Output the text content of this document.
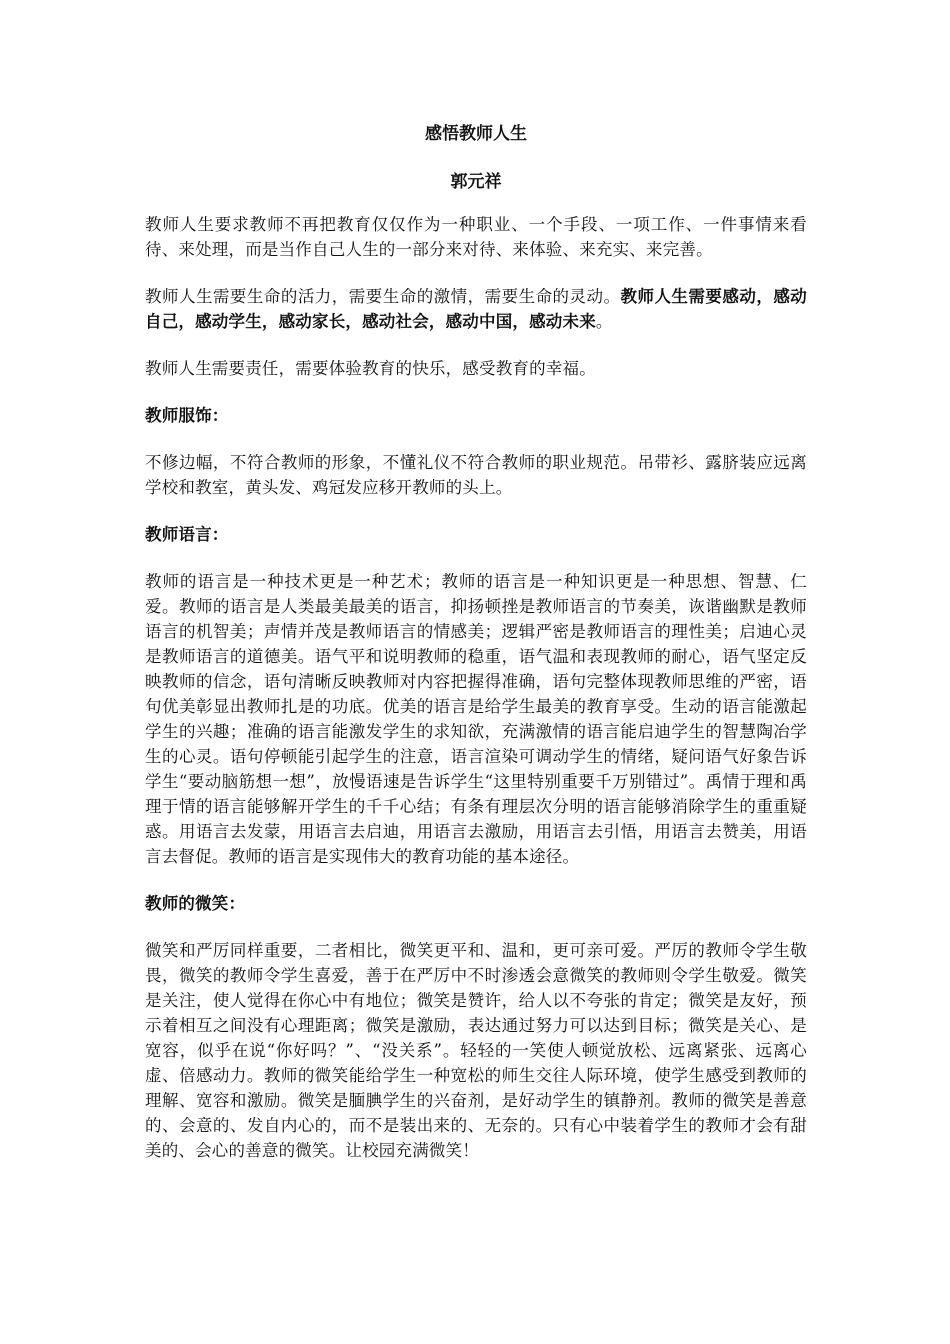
感悟教师人生
郭元祥

教师人生要求教师不再把教育仅仅作为一种职业、一个手段、一项工作、一件事情来看待、来处理，而是当作自己人生的一部分来对待、来体验、来充实、来完善。

教师人生需要生命的活力，需要生命的激情，需要生命的灵动。教师人生需要感动，感动自己，感动学生，感动家长，感动社会，感动中国，感动未来。

教师人生需要责任，需要体验教育的快乐，感受教育的幸福。

教师服饰：

不修边幅，不符合教师的形象，不懂礼仪不符合教师的职业规范。吊带衫、露脐装应远离学校和教室，黄头发、鸡冠发应移开教师的头上。

教师语言：

教师的语言是一种技术更是一种艺术；教师的语言是一种知识更是一种思想、智慧、仁爱。教师的语言是人类最美最美的语言，抑扬顿挫是教师语言的节奏美，诙谐幽默是教师语言的机智美；声情并茂是教师语言的情感美；逻辑严密是教师语言的理性美；启迪心灵是教师语言的道德美。语气平和说明教师的稳重，语气温和表现教师的耐心，语气坚定反映教师的信念，语句清晰反映教师对内容把握得准确，语句完整体现教师思维的严密，语句优美彰显出教师扎是的功底。优美的语言是给学生最美的教育享受。生动的语言能激起学生的兴趣；准确的语言能激发学生的求知欲，充满激情的语言能启迪学生的智慧陶冶学生的心灵。语句停顿能引起学生的注意，语言渲染可调动学生的情绪，疑问语气好象告诉学生“要动脑筋想一想”，放慢语速是告诉学生“这里特别重要千万别错过”。禹情于理和禹理于情的语言能够解开学生的千千心结；有条有理层次分明的语言能够消除学生的重重疑惑。用语言去发蒙，用语言去启迪，用语言去激励，用语言去引悟，用语言去赞美，用语言去督促。教师的语言是实现伟大的教育功能的基本途径。

教师的微笑：

微笑和严厉同样重要，二者相比，微笑更平和、温和，更可亲可爱。严厉的教师令学生敬畏，微笑的教师令学生喜爱，善于在严厉中不时渗透会意微笑的教师则令学生敬爱。微笑是关注，使人觉得在你心中有地位；微笑是赞许，给人以不夸张的肯定；微笑是友好，预示着相互之间没有心理距离；微笑是激励，表达通过努力可以达到目标；微笑是关心、是宽容，似乎在说“你好吗？”、“没关系”。轻轻的一笑使人顿觉放松、远离紧张、远离心虚、倍感动力。教师的微笑能给学生一种宽松的师生交往人际环境，使学生感受到教师的理解、宽容和激励。微笑是腼腆学生的兴奋剂，是好动学生的镇静剂。教师的微笑是善意的、会意的、发自内心的，而不是装出来的、无奈的。只有心中装着学生的教师才会有甜美的、会心的善意的微笑。让校园充满微笑！
